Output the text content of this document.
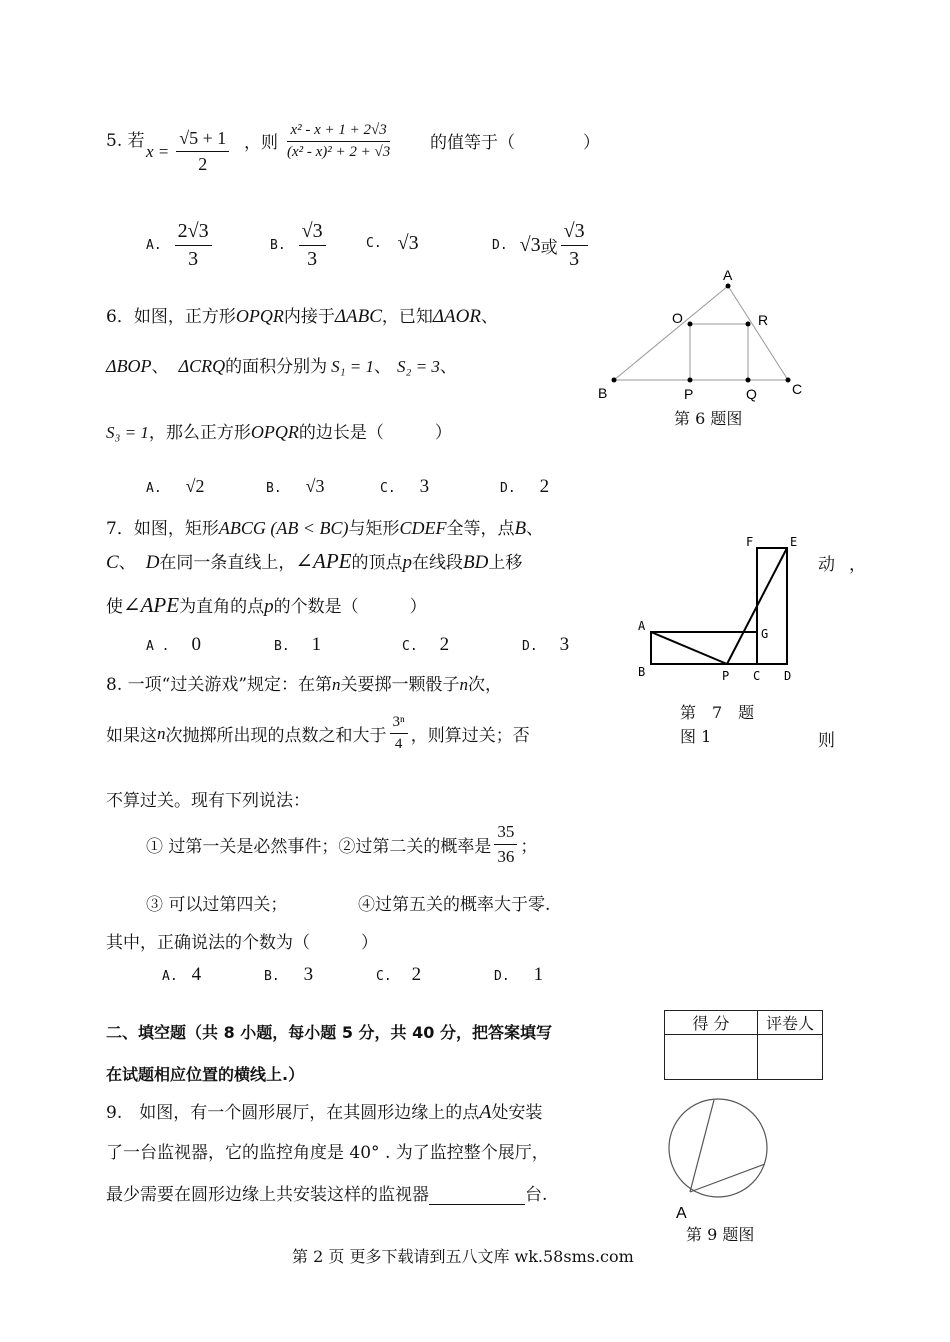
5. 若 $x = \frac{√5 + 1}{2}$ ，则 $\frac{\text{x² - x + 1 + 2√3}}{\text{(x² - x)² + 2 + √3}}$ 的值等于（　　　　）
A. $\frac{2√3}{3}$	B. $\frac{√3}{3}$	C. √3	D. √3 或 $\frac{√3}{3}$
6．如图，正方形OPQR内接于ΔABC，已知ΔAOR、
ΔBOP、 ΔCRQ的面积分别为 S₁ = 1、 S₂ = 3、
S₃ = 1，那么正方形OPQR的边长是（　　　）
A. √2	B. √3	C. 3	D. 2
A
O	R
B	P	Q	C
第 6 题图
7．如图，矩形ABCG (AB < BC)与矩形CDEF全等，点B、
C、 D在同一条直线上，∠APE的顶点p在线段BD上移	动，
使∠APE为直角的点p的个数是（　　　）
A . 0	B. 1	C. 2	D. 3
F	E
A
G
B	P C D
第　7　题
图 1
8. 一项“过关游戏”规定：在第n关要掷一颗骰子n次，
如果这 n 次抛掷所出现的点数之和大于 $\frac{\text{3ⁿ}}{4}$ ，则算过关；否	则
不算过关。现有下列说法：
① 过第一关是必然事件；②过第二关的概率是 $\frac{35}{36}$ ；
③ 可以过第四关；	④过第五关的概率大于零.
其中，正确说法的个数为（　　　）
A. 4	B. 3	C. 2	D. 1
二、填空题（共 8 小题，每小题 5 分，共 40 分，把答案填写
在试题相应位置的横线上.）
得 分	评卷人

9.　如图，有一个圆形展厅，在其圆形边缘上的点A处安装
了一台监视器，它的监控角度是 40° . 为了监控整个展厅，
最少需要在圆形边缘上共安装这样的监视器	台.
A
第 9 题图
第 2 页 更多下载请到五八文库 wk.58sms.com
